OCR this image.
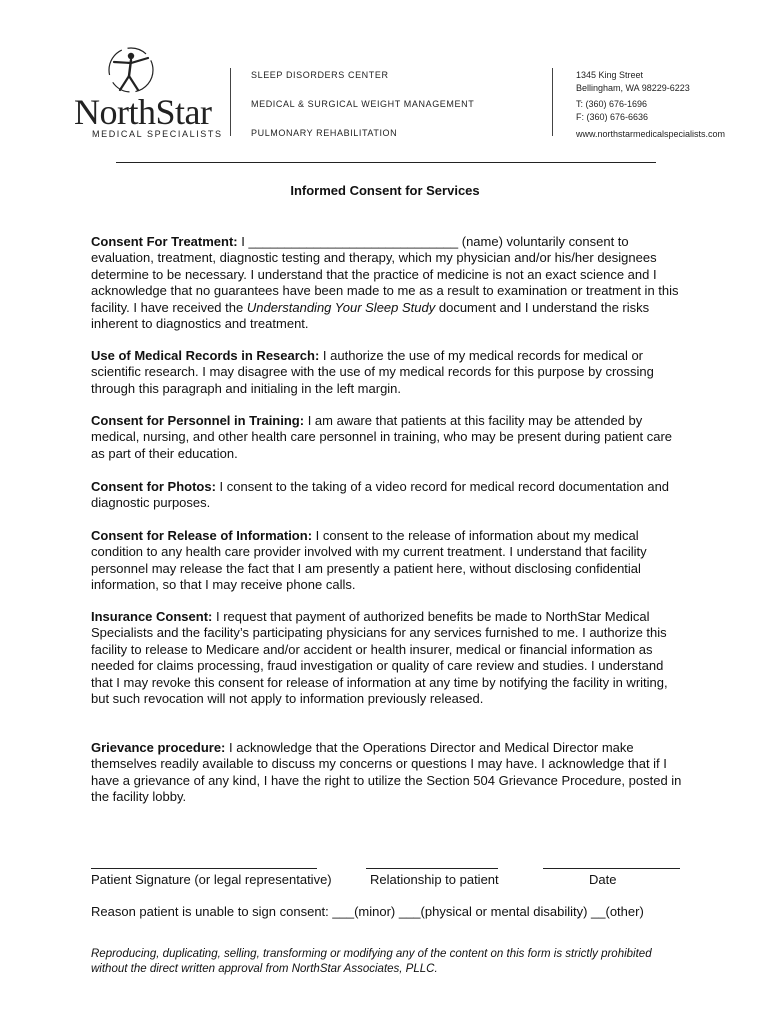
NorthStar
MEDICAL SPECIALISTS
SLEEP DISORDERS CENTER
MEDICAL & SURGICAL WEIGHT MANAGEMENT
PULMONARY REHABILITATION
1345 King Street
Bellingham, WA 98229-6223
T: (360) 676-1696
F: (360) 676-6636
www.northstarmedicalspecialists.com
Informed Consent for Services
Consent For Treatment: I _____________________________ (name) voluntarily consent to evaluation, treatment, diagnostic testing and therapy, which my physician and/or his/her designees determine to be necessary. I understand that the practice of medicine is not an exact science and I acknowledge that no guarantees have been made to me as a result to examination or treatment in this facility. I have received the Understanding Your Sleep Study document and I understand the risks inherent to diagnostics and treatment.
Use of Medical Records in Research: I authorize the use of my medical records for medical or scientific research. I may disagree with the use of my medical records for this purpose by crossing through this paragraph and initialing in the left margin.
Consent for Personnel in Training: I am aware that patients at this facility may be attended by medical, nursing, and other health care personnel in training, who may be present during patient care as part of their education.
Consent for Photos: I consent to the taking of a video record for medical record documentation and diagnostic purposes.
Consent for Release of Information: I consent to the release of information about my medical condition to any health care provider involved with my current treatment. I understand that facility personnel may release the fact that I am presently a patient here, without disclosing confidential information, so that I may receive phone calls.
Insurance Consent: I request that payment of authorized benefits be made to NorthStar Medical Specialists and the facility’s participating physicians for any services furnished to me. I authorize this facility to release to Medicare and/or accident or health insurer, medical or financial information as needed for claims processing, fraud investigation or quality of care review and studies. I understand that I may revoke this consent for release of information at any time by notifying the facility in writing, but such revocation will not apply to information previously released.
Grievance procedure: I acknowledge that the Operations Director and Medical Director make themselves readily available to discuss my concerns or questions I may have. I acknowledge that if I have a grievance of any kind, I have the right to utilize the Section 504 Grievance Procedure, posted in the facility lobby.
Patient Signature (or legal representative)	Relationship to patient	Date
Reason patient is unable to sign consent: ___(minor) ___(physical or mental disability) __(other)
Reproducing, duplicating, selling, transforming or modifying any of the content on this form is strictly prohibited without the direct written approval from NorthStar Associates, PLLC.
